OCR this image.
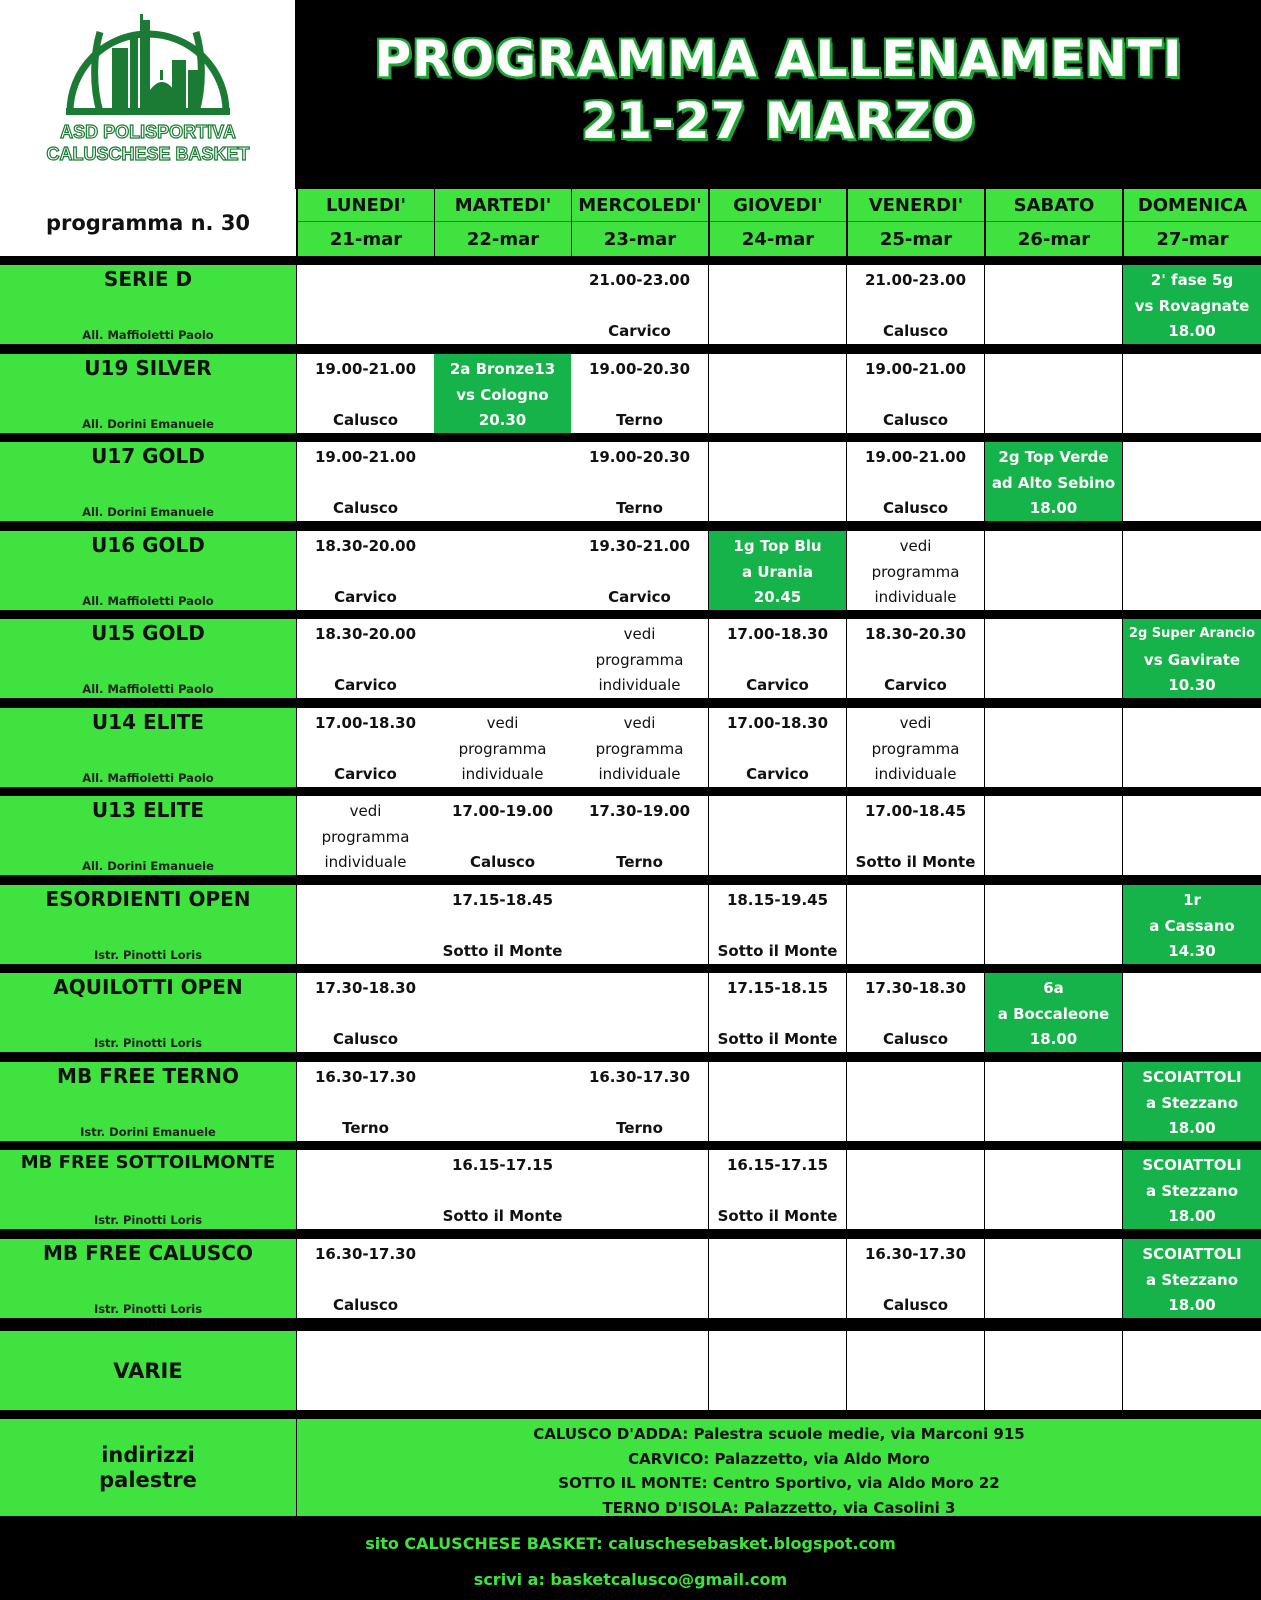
ASD POLISPORTIVA
CALUSCHESE BASKET
PROGRAMMA ALLENAMENTI
21-27 MARZO
programma n. 30
LUNEDI'
21-mar
MARTEDI'
22-mar
MERCOLEDI'
23-mar
GIOVEDI'
24-mar
VENERDI'
25-mar
SABATO
26-mar
DOMENICA
27-mar
SERIE D
All. Maffioletti Paolo
21.00-23.00
Carvico
21.00-23.00
Calusco
2' fase 5g
vs Rovagnate
18.00
U19 SILVER
All. Dorini Emanuele
19.00-21.00
Calusco
2a Bronze13
vs Cologno
20.30
19.00-20.30
Terno
19.00-21.00
Calusco
U17 GOLD
All. Dorini Emanuele
19.00-21.00
Calusco
19.00-20.30
Terno
19.00-21.00
Calusco
2g Top Verde
ad Alto Sebino
18.00
U16 GOLD
All. Maffioletti Paolo
18.30-20.00
Carvico
19.30-21.00
Carvico
1g Top Blu
a Urania
20.45
vedi
programma
individuale
U15 GOLD
All. Maffioletti Paolo
18.30-20.00
Carvico
vedi
programma
individuale
17.00-18.30
Carvico
18.30-20.30
Carvico
2g Super Arancio
vs Gavirate
10.30
U14 ELITE
All. Maffioletti Paolo
17.00-18.30
Carvico
vedi
programma
individuale
vedi
programma
individuale
17.00-18.30
Carvico
vedi
programma
individuale
U13 ELITE
All. Dorini Emanuele
vedi
programma
individuale
17.00-19.00
Calusco
17.30-19.00
Terno
17.00-18.45
Sotto il Monte
ESORDIENTI OPEN
Istr. Pinotti Loris
17.15-18.45
Sotto il Monte
18.15-19.45
Sotto il Monte
1r
a Cassano
14.30
AQUILOTTI OPEN
Istr. Pinotti Loris
17.30-18.30
Calusco
17.15-18.15
Sotto il Monte
17.30-18.30
Calusco
6a
a Boccaleone
18.00
MB FREE TERNO
Istr. Dorini Emanuele
16.30-17.30
Terno
16.30-17.30
Terno
SCOIATTOLI
a Stezzano
18.00
MB FREE SOTTOILMONTE
Istr. Pinotti Loris
16.15-17.15
Sotto il Monte
16.15-17.15
Sotto il Monte
SCOIATTOLI
a Stezzano
18.00
MB FREE CALUSCO
Istr. Pinotti Loris
16.30-17.30
Calusco
16.30-17.30
Calusco
SCOIATTOLI
a Stezzano
18.00
VARIE
indirizzi
palestre
CALUSCO D'ADDA: Palestra scuole medie, via Marconi 915
CARVICO: Palazzetto, via Aldo Moro
SOTTO IL MONTE: Centro Sportivo, via Aldo Moro 22
TERNO D'ISOLA: Palazzetto, via Casolini 3
sito CALUSCHESE BASKET: caluschesebasket.blogspot.com
scrivi a: basketcalusco@gmail.com
